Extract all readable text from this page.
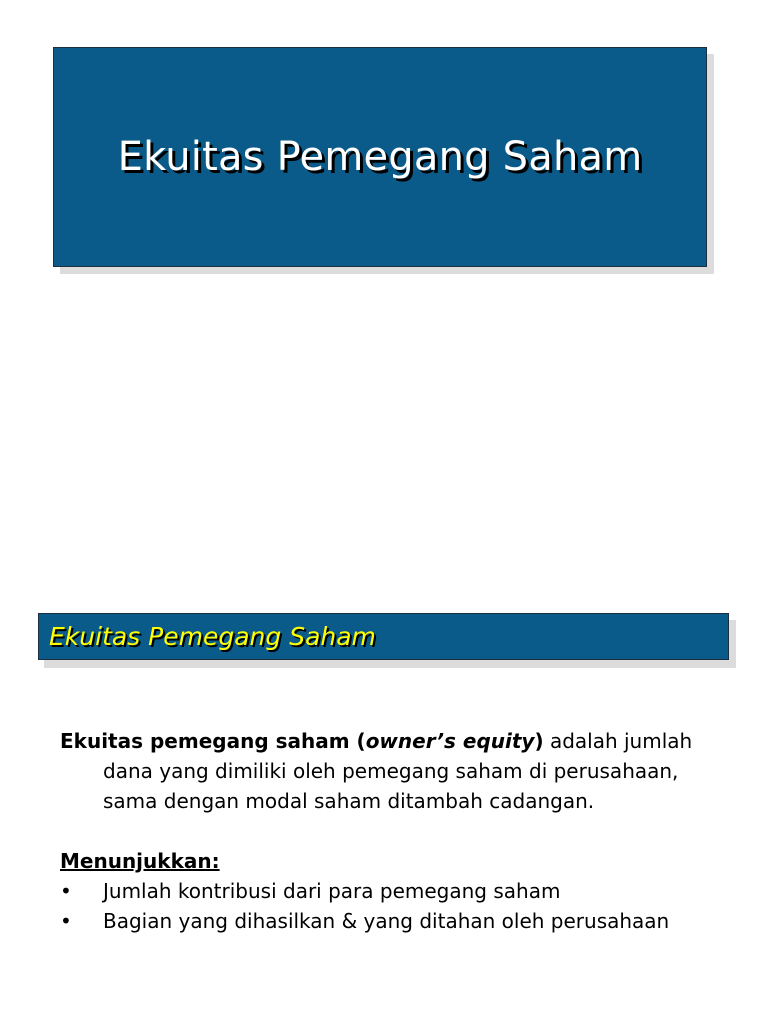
Ekuitas Pemegang Saham
Ekuitas Pemegang Saham
Ekuitas pemegang saham (owner’s equity) adalah jumlah dana yang dimiliki oleh pemegang saham di perusahaan, sama dengan modal saham ditambah cadangan.
Menunjukkan:
• Jumlah kontribusi dari para pemegang saham
• Bagian yang dihasilkan & yang ditahan oleh perusahaan
